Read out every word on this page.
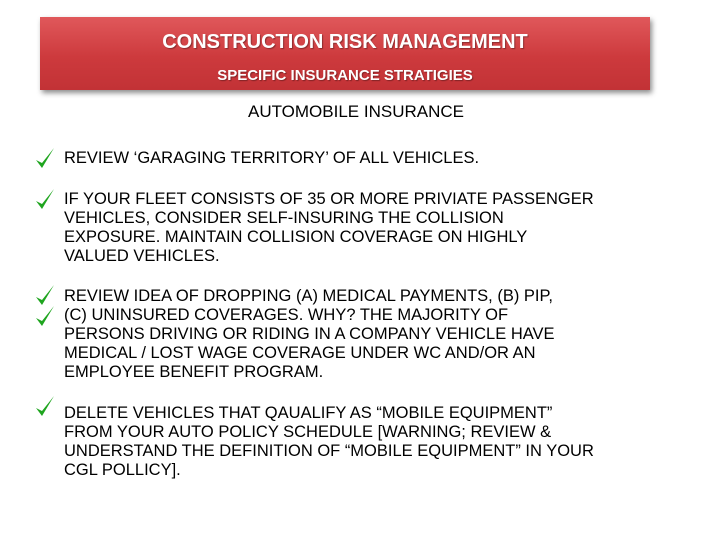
CONSTRUCTION RISK MANAGEMENT
SPECIFIC INSURANCE STRATIGIES
AUTOMOBILE INSURANCE
REVIEW ‘GARAGING TERRITORY’ OF ALL VEHICLES.
IF YOUR FLEET CONSISTS OF 35 OR MORE PRIVIATE PASSENGER
VEHICLES, CONSIDER SELF-INSURING THE COLLISION
EXPOSURE. MAINTAIN COLLISION COVERAGE ON HIGHLY
VALUED VEHICLES.
REVIEW IDEA OF DROPPING (A) MEDICAL PAYMENTS, (B) PIP,
(C) UNINSURED COVERAGES. WHY? THE MAJORITY OF
PERSONS DRIVING OR RIDING IN A COMPANY VEHICLE HAVE
MEDICAL / LOST WAGE COVERAGE UNDER WC AND/OR AN
EMPLOYEE BENEFIT PROGRAM.
DELETE VEHICLES THAT QAUALIFY AS “MOBILE EQUIPMENT”
FROM YOUR AUTO POLICY SCHEDULE [WARNING; REVIEW &
UNDERSTAND THE DEFINITION OF “MOBILE EQUIPMENT” IN YOUR
CGL POLLICY].
